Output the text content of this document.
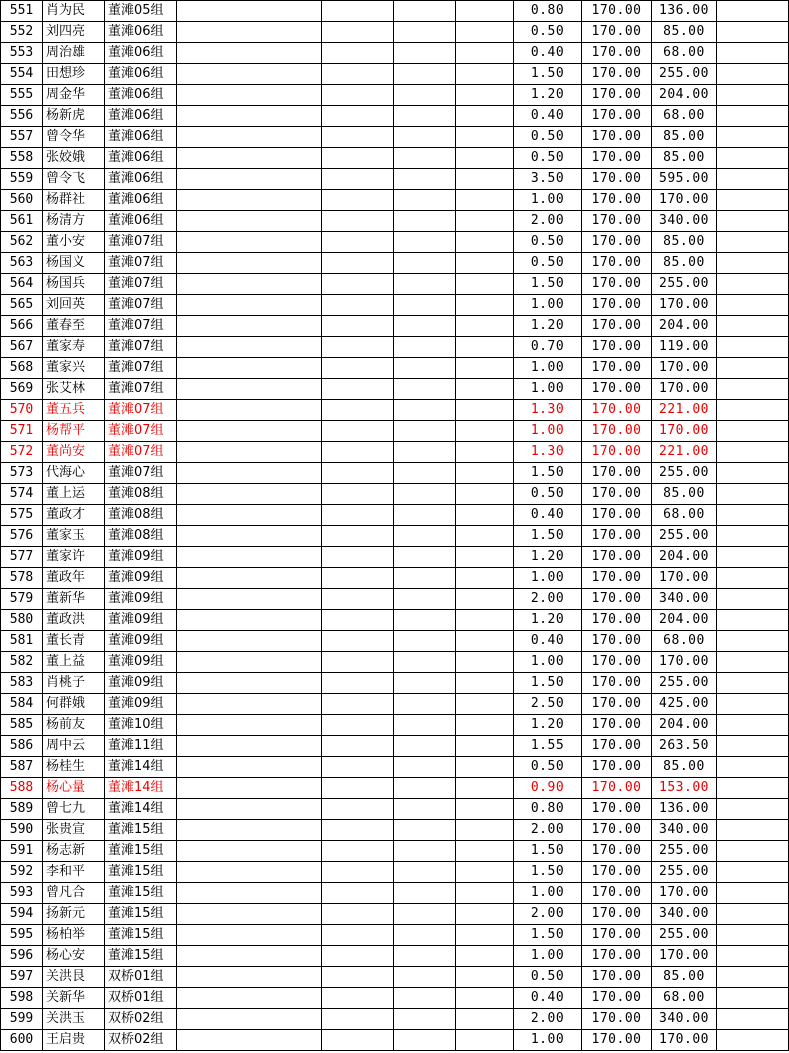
551	肖为民	董滩05组					0.80	170.00	136.00	
552	刘四亮	董滩06组					0.50	170.00	85.00	
553	周治雄	董滩06组					0.40	170.00	68.00	
554	田想珍	董滩06组					1.50	170.00	255.00	
555	周金华	董滩06组					1.20	170.00	204.00	
556	杨新虎	董滩06组					0.40	170.00	68.00	
557	曾令华	董滩06组					0.50	170.00	85.00	
558	张姣娥	董滩06组					0.50	170.00	85.00	
559	曾令飞	董滩06组					3.50	170.00	595.00	
560	杨群社	董滩06组					1.00	170.00	170.00	
561	杨清方	董滩06组					2.00	170.00	340.00	
562	董小安	董滩07组					0.50	170.00	85.00	
563	杨国义	董滩07组					0.50	170.00	85.00	
564	杨国兵	董滩07组					1.50	170.00	255.00	
565	刘回英	董滩07组					1.00	170.00	170.00	
566	董春至	董滩07组					1.20	170.00	204.00	
567	董家寿	董滩07组					0.70	170.00	119.00	
568	董家兴	董滩07组					1.00	170.00	170.00	
569	张艾林	董滩07组					1.00	170.00	170.00	
570	董五兵	董滩07组					1.30	170.00	221.00	
571	杨帮平	董滩07组					1.00	170.00	170.00	
572	董尚安	董滩07组					1.30	170.00	221.00	
573	代海心	董滩07组					1.50	170.00	255.00	
574	董上运	董滩08组					0.50	170.00	85.00	
575	董政才	董滩08组					0.40	170.00	68.00	
576	董家玉	董滩08组					1.50	170.00	255.00	
577	董家许	董滩09组					1.20	170.00	204.00	
578	董政年	董滩09组					1.00	170.00	170.00	
579	董新华	董滩09组					2.00	170.00	340.00	
580	董政洪	董滩09组					1.20	170.00	204.00	
581	董长青	董滩09组					0.40	170.00	68.00	
582	董上益	董滩09组					1.00	170.00	170.00	
583	肖桃子	董滩09组					1.50	170.00	255.00	
584	何群娥	董滩09组					2.50	170.00	425.00	
585	杨前友	董滩10组					1.20	170.00	204.00	
586	周中云	董滩11组					1.55	170.00	263.50	
587	杨桂生	董滩14组					0.50	170.00	85.00	
588	杨心量	董滩14组					0.90	170.00	153.00	
589	曾七九	董滩14组					0.80	170.00	136.00	
590	张贵宣	董滩15组					2.00	170.00	340.00	
591	杨志新	董滩15组					1.50	170.00	255.00	
592	李和平	董滩15组					1.50	170.00	255.00	
593	曾凡合	董滩15组					1.00	170.00	170.00	
594	扬新元	董滩15组					2.00	170.00	340.00	
595	杨柏举	董滩15组					1.50	170.00	255.00	
596	杨心安	董滩15组					1.00	170.00	170.00	
597	关洪艮	双桥01组					0.50	170.00	85.00	
598	关新华	双桥01组					0.40	170.00	68.00	
599	关洪玉	双桥02组					2.00	170.00	340.00	
600	王启贵	双桥02组					1.00	170.00	170.00	
